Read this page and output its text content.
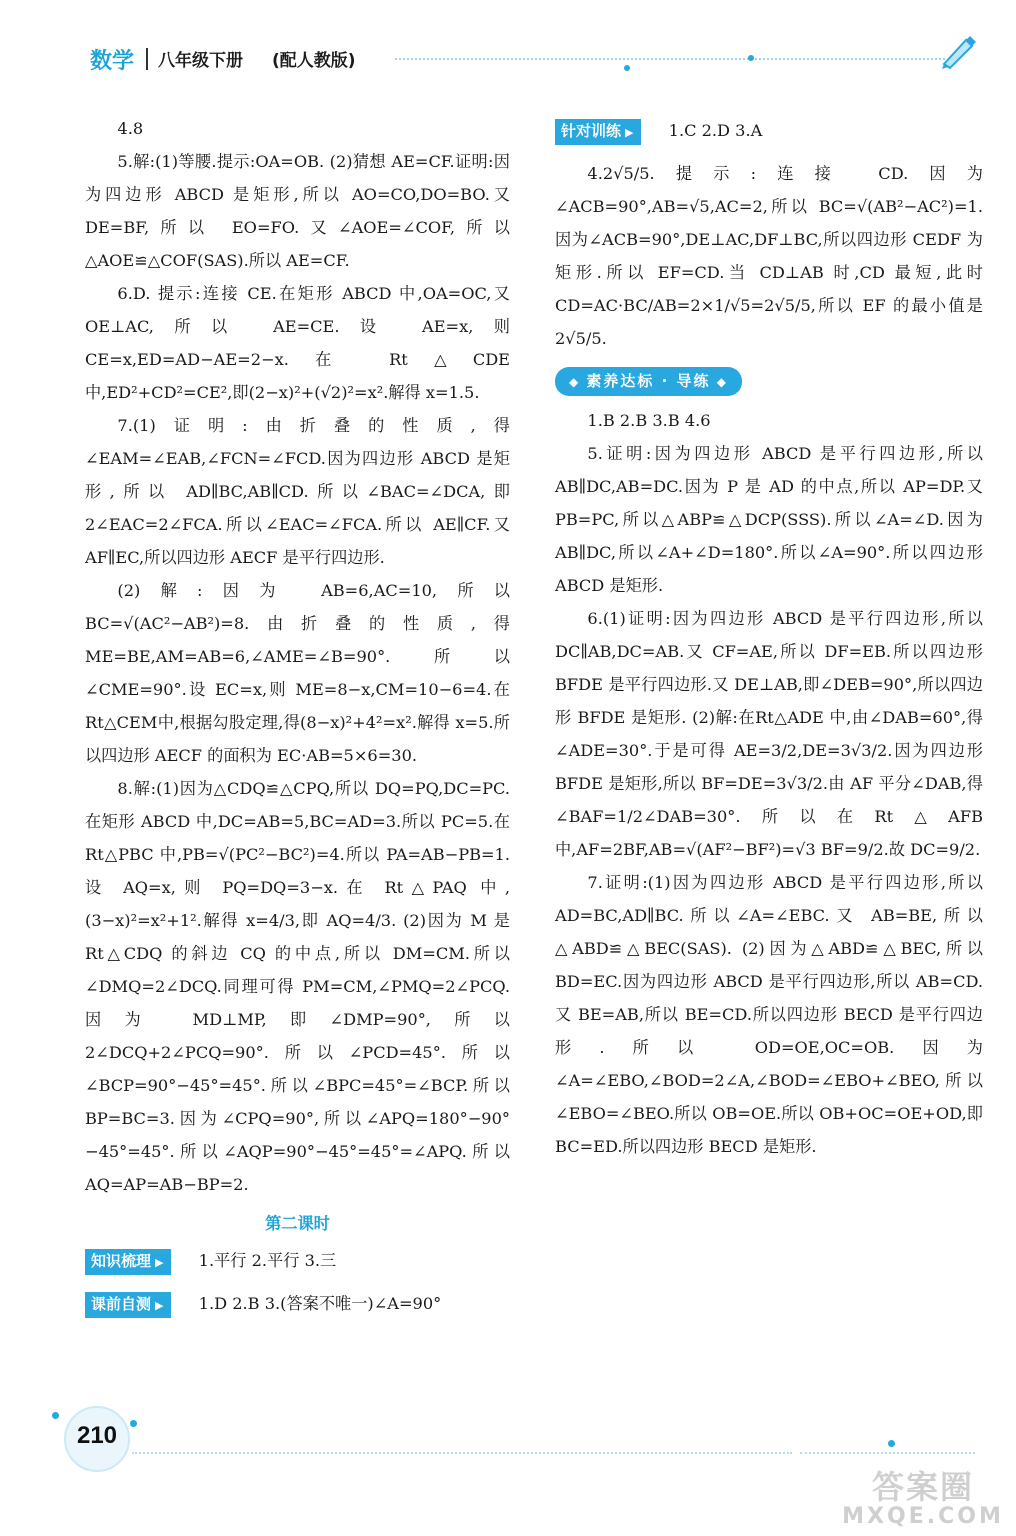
数学 八年级下册 (配人教版)

4.8

5.解:(1)等腰.提示:OA=OB. (2)猜想 AE=CF.证明:因为四边形 ABCD 是矩形,所以 AO=CO,DO=BO.又 DE=BF,所以 EO=FO.又∠AOE=∠COF,所以△AOE≌△COF(SAS).所以 AE=CF.

6.D. 提示:连接 CE.在矩形 ABCD 中,OA=OC,又 OE⊥AC,所以 AE=CE.设 AE=x,则 CE=x,ED=AD−AE=2−x.在 Rt△CDE 中,ED²+CD²=CE²,即(2−x)²+(√2)²=x².解得 x=1.5.

7.(1)证明:由折叠的性质,得∠EAM=∠EAB,∠FCN=∠FCD.因为四边形 ABCD 是矩形,所以 AD∥BC,AB∥CD.所以∠BAC=∠DCA,即2∠EAC=2∠FCA.所以∠EAC=∠FCA.所以 AE∥CF.又 AF∥EC,所以四边形 AECF 是平行四边形.

(2)解:因为 AB=6,AC=10,所以 BC=√(AC²−AB²)=8.由折叠的性质,得 ME=BE,AM=AB=6,∠AME=∠B=90°.所以∠CME=90°.设 EC=x,则 ME=8−x,CM=10−6=4.在Rt△CEM中,根据勾股定理,得(8−x)²+4²=x².解得 x=5.所以四边形 AECF 的面积为 EC·AB=5×6=30.

8.解:(1)因为△CDQ≌△CPQ,所以 DQ=PQ,DC=PC.在矩形 ABCD 中,DC=AB=5,BC=AD=3.所以 PC=5.在 Rt△PBC 中,PB=√(PC²−BC²)=4.所以 PA=AB−PB=1.设 AQ=x,则 PQ=DQ=3−x.在 Rt△PAQ 中,(3−x)²=x²+1².解得 x=4/3,即 AQ=4/3. (2)因为 M 是 Rt△CDQ 的斜边 CQ 的中点,所以 DM=CM.所以∠DMQ=2∠DCQ.同理可得 PM=CM,∠PMQ=2∠PCQ.因为 MD⊥MP,即∠DMP=90°,所以2∠DCQ+2∠PCQ=90°.所以∠PCD=45°.所以∠BCP=90°−45°=45°.所以∠BPC=45°=∠BCP.所以 BP=BC=3.因为∠CPQ=90°,所以∠APQ=180°−90°−45°=45°.所以∠AQP=90°−45°=45°=∠APQ.所以 AQ=AP=AB−BP=2.

第二课时

知识梳理 ▶ 1.平行 2.平行 3.三

课前自测 ▶ 1.D 2.B 3.(答案不唯一)∠A=90°

针对训练 ▶ 1.C 2.D 3.A

4.2√5/5.提示:连接 CD.因为∠ACB=90°,AB=√5,AC=2,所以 BC=√(AB²−AC²)=1.因为∠ACB=90°,DE⊥AC,DF⊥BC,所以四边形 CEDF 为矩形.所以 EF=CD.当 CD⊥AB 时,CD 最短,此时 CD=AC·BC/AB=2×1/√5=2√5/5,所以 EF 的最小值是2√5/5.

◆ 素养达标 · 导练 ◆

1.B 2.B 3.B 4.6

5.证明:因为四边形 ABCD 是平行四边形,所以 AB∥DC,AB=DC.因为 P 是 AD 的中点,所以 AP=DP.又 PB=PC,所以△ABP≌△DCP(SSS).所以∠A=∠D.因为 AB∥DC,所以∠A+∠D=180°.所以∠A=90°.所以四边形 ABCD 是矩形.

6.(1)证明:因为四边形 ABCD 是平行四边形,所以 DC∥AB,DC=AB.又 CF=AE,所以 DF=EB.所以四边形 BFDE 是平行四边形.又 DE⊥AB,即∠DEB=90°,所以四边形 BFDE 是矩形. (2)解:在Rt△ADE 中,由∠DAB=60°,得∠ADE=30°.于是可得 AE=3/2,DE=3√3/2.因为四边形 BFDE 是矩形,所以 BF=DE=3√3/2.由 AF 平分∠DAB,得∠BAF=1/2∠DAB=30°.所以在Rt△AFB中,AF=2BF,AB=√(AF²−BF²)=√3 BF=9/2.故 DC=9/2.

7.证明:(1)因为四边形 ABCD 是平行四边形,所以 AD=BC,AD∥BC.所以∠A=∠EBC.又 AB=BE,所以△ABD≌△BEC(SAS). (2)因为△ABD≌△BEC,所以 BD=EC.因为四边形 ABCD 是平行四边形,所以 AB=CD.又 BE=AB,所以 BE=CD.所以四边形 BECD 是平行四边形.所以 OD=OE,OC=OB.因为∠A=∠EBO,∠BOD=2∠A,∠BOD=∠EBO+∠BEO,所以∠EBO=∠BEO.所以 OB=OE.所以 OB+OC=OE+OD,即 BC=ED.所以四边形 BECD 是矩形.

210
答案圈
MXQE.COM
